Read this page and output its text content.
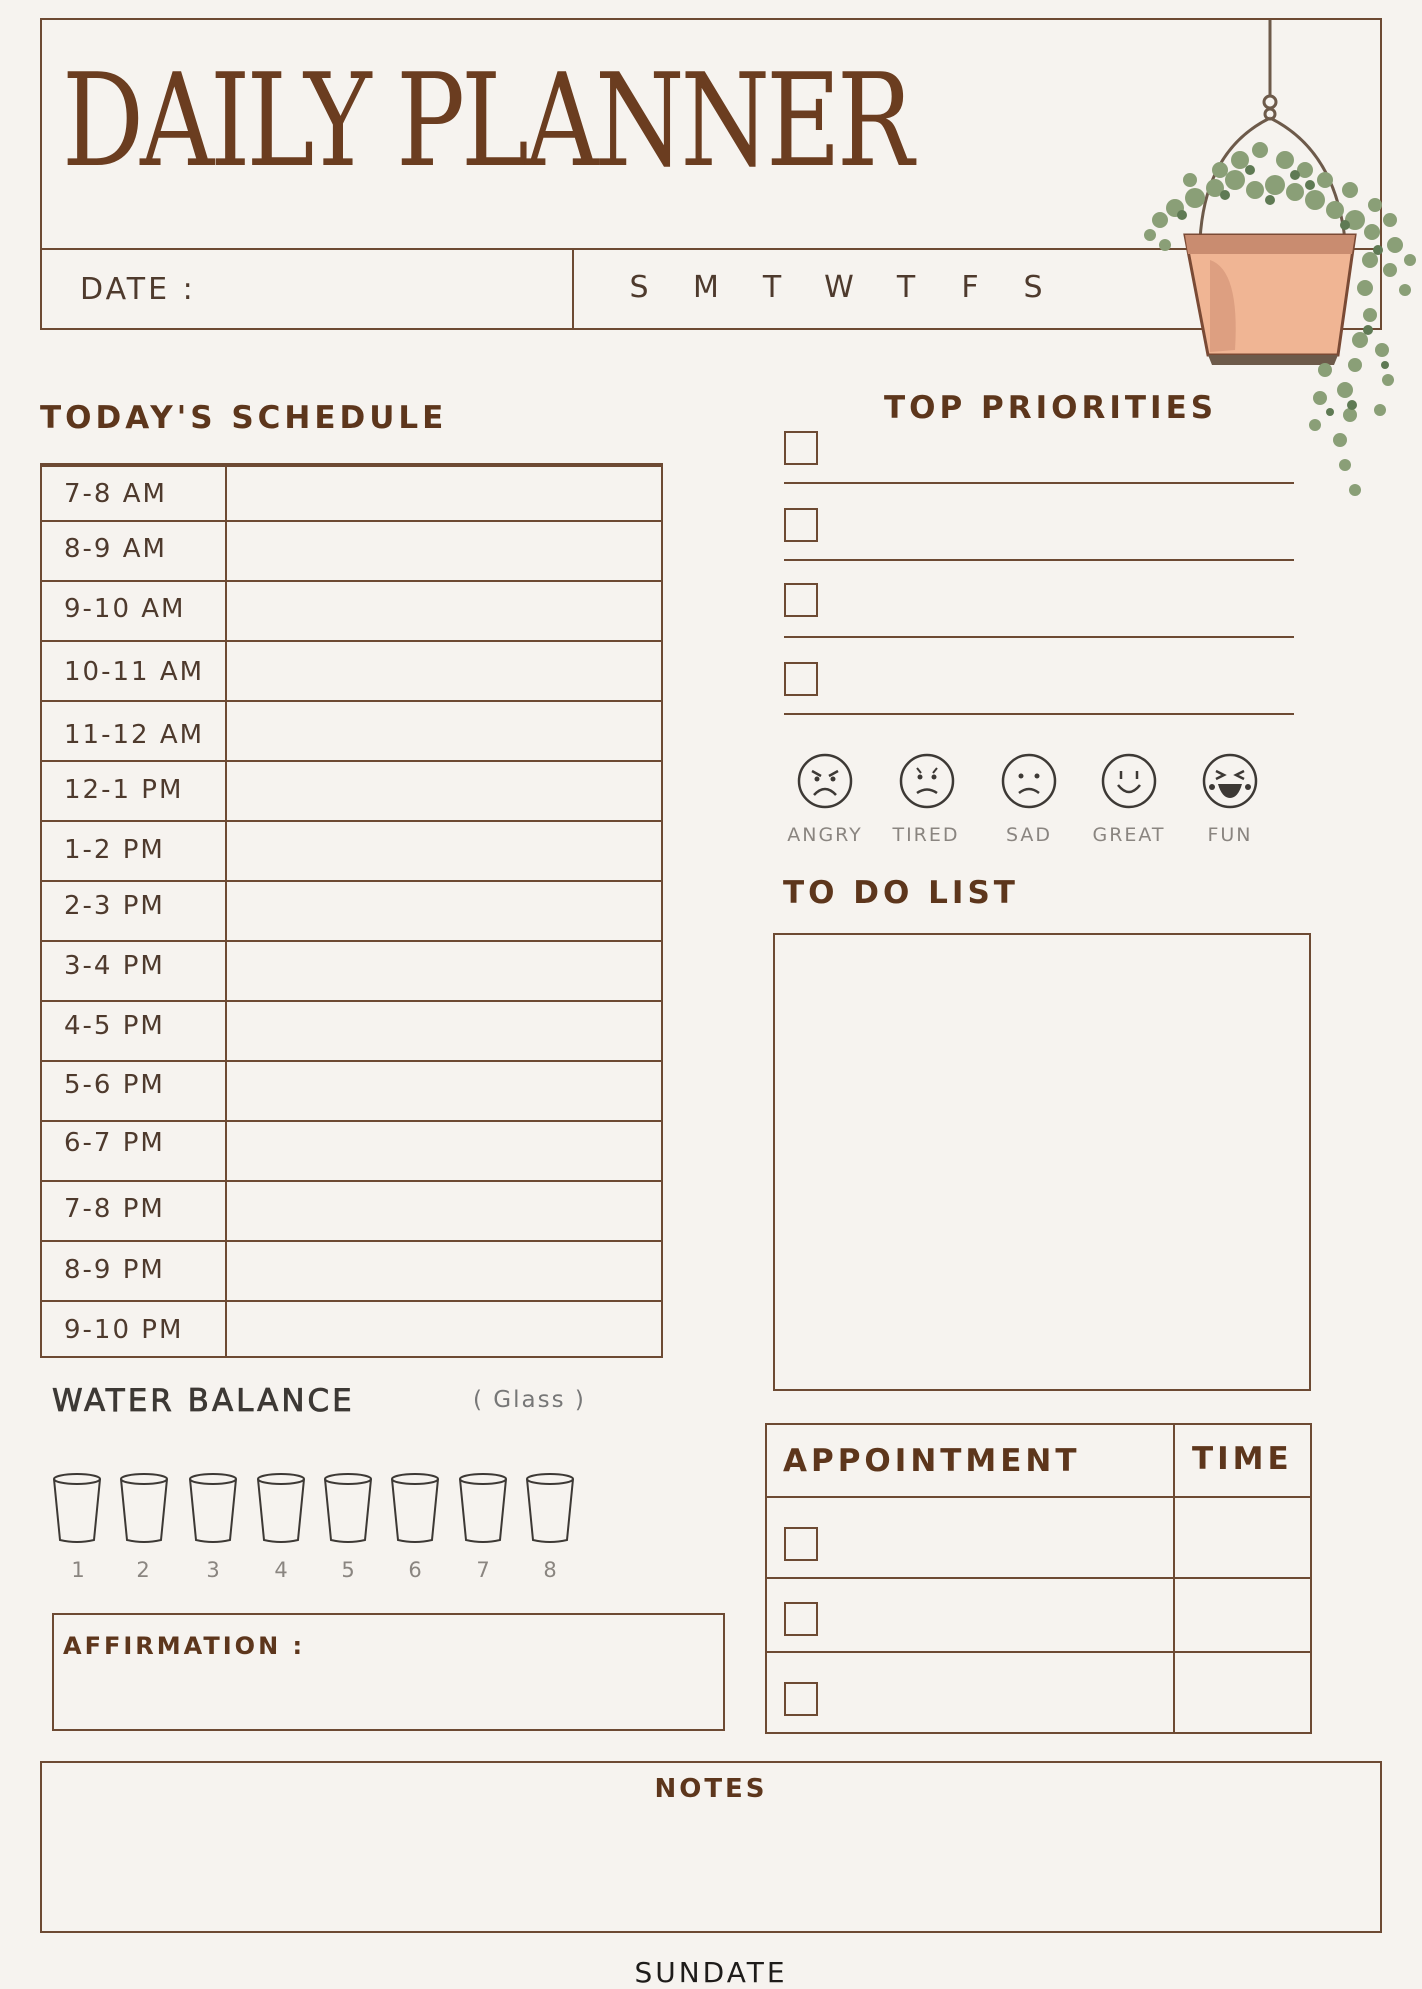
DAILY PLANNER
DATE :	S	M	T	W	T	F	S
TODAY'S SCHEDULE
7-8 AM
8-9 AM
9-10 AM
10-11 AM
11-12 AM
12-1 PM
1-2 PM
2-3 PM
3-4 PM
4-5 PM
5-6 PM
6-7 PM
7-8 PM
8-9 PM
9-10 PM
TOP PRIORITIES
ANGRY	TIRED	SAD	GREAT	FUN
TO DO LIST
WATER BALANCE	( Glass )
1	2	3	4	5	6	7	8
AFFIRMATION :
APPOINTMENT	TIME
NOTES
SUNDATE
